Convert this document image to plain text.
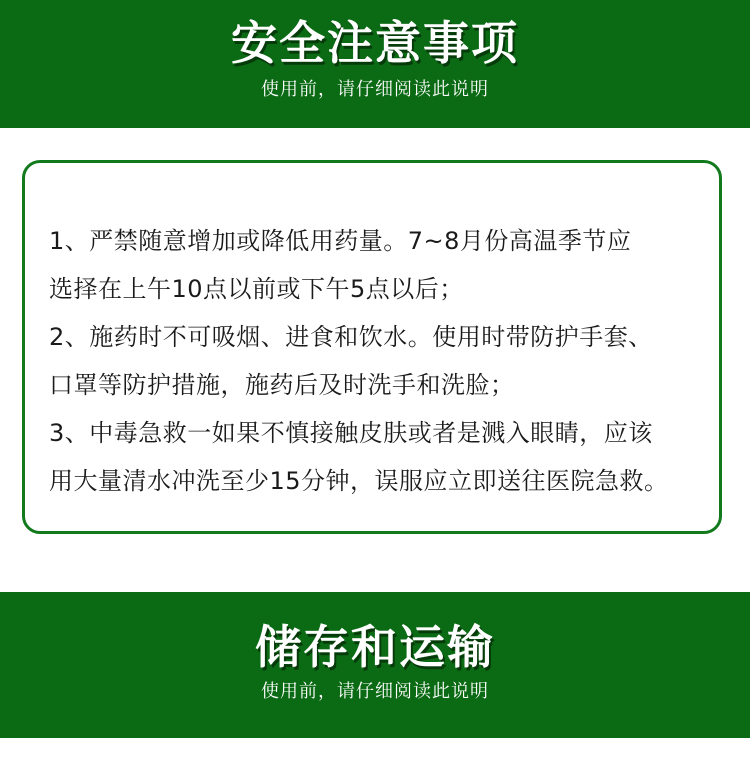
安全注意事项
使用前，请仔细阅读此说明
1、严禁随意增加或降低用药量。7~8月份高温季节应
选择在上午10点以前或下午5点以后；
2、施药时不可吸烟、进食和饮水。使用时带防护手套、
口罩等防护措施，施药后及时洗手和洗脸；
3、中毒急救一如果不慎接触皮肤或者是溅入眼睛，应该
用大量清水冲洗至少15分钟，误服应立即送往医院急救。
储存和运输
使用前，请仔细阅读此说明
